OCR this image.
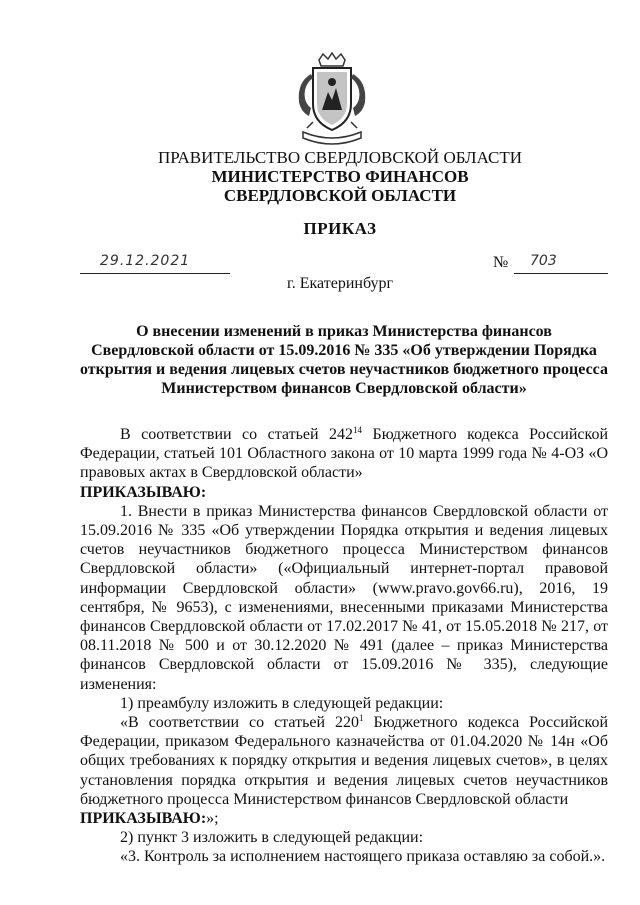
ПРАВИТЕЛЬСТВО СВЕРДЛОВСКОЙ ОБЛАСТИ
МИНИСТЕРСТВО ФИНАНСОВ
СВЕРДЛОВСКОЙ ОБЛАСТИ
ПРИКАЗ
29.12.2021	№ 703
г. Екатеринбург
О внесении изменений в приказ Министерства финансов
Свердловской области от 15.09.2016 № 335 «Об утверждении Порядка
открытия и ведения лицевых счетов неучастников бюджетного процесса
Министерством финансов Свердловской области»

В соответствии со статьей $242^{14}$ Бюджетного кодекса Российской Федерации, статьей 101 Областного закона от 10 марта 1999 года № 4-ОЗ «О правовых актах в Свердловской области»

ПРИКАЗЫВАЮ:

1. Внести в приказ Министерства финансов Свердловской области от 15.09.2016 № 335 «Об утверждении Порядка открытия и ведения лицевых счетов неучастников бюджетного процесса Министерством финансов Свердловской области» («Официальный интернет-портал правовой информации Свердловской области» (www.pravo.gov66.ru), 2016, 19 сентября, № 9653), с изменениями, внесенными приказами Министерства финансов Свердловской области от 17.02.2017 № 41, от 15.05.2018 № 217, от 08.11.2018 № 500 и от 30.12.2020 № 491 (далее – приказ Министерства финансов Свердловской области от 15.09.2016 № 335), следующие изменения:

1) преамбулу изложить в следующей редакции:

«В соответствии со статьей $220^1$ Бюджетного кодекса Российской Федерации, приказом Федерального казначейства от 01.04.2020 № 14н «Об общих требованиях к порядку открытия и ведения лицевых счетов», в целях установления порядка открытия и ведения лицевых счетов неучастников бюджетного процесса Министерством финансов Свердловской области

ПРИКАЗЫВАЮ:»;

2) пункт 3 изложить в следующей редакции:

«3. Контроль за исполнением настоящего приказа оставляю за собой.».
